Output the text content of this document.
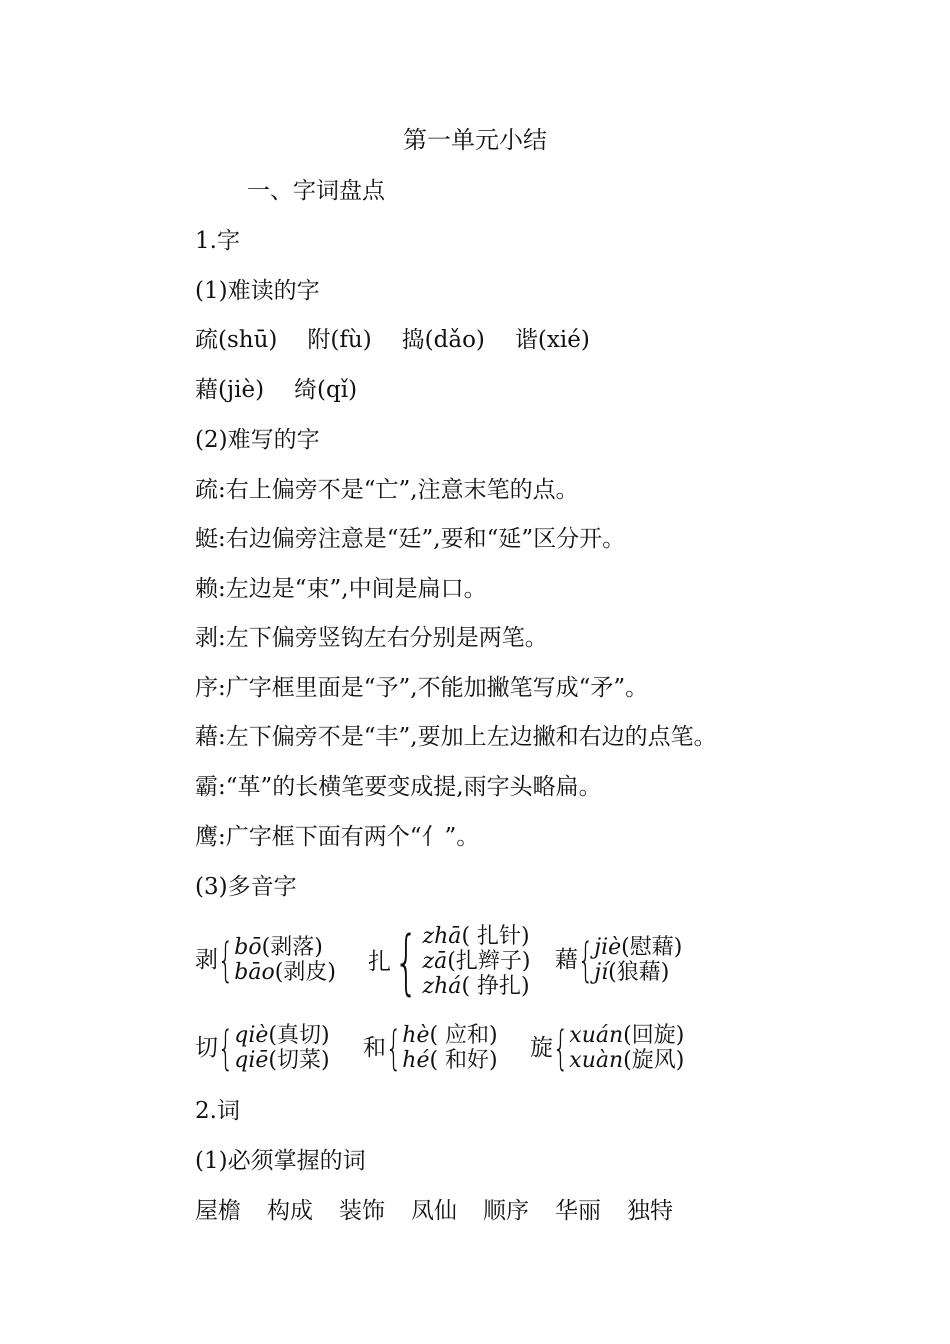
第一单元小结
一、字词盘点
1.字
(1)难读的字
疏(shū) 附(fù) 捣(dǎo) 谐(xié)
藉(jiè) 绮(qǐ)
(2)难写的字
疏:右上偏旁不是“亡”,注意末笔的点。
蜓:右边偏旁注意是“廷”,要和“延”区分开。
赖:左边是“束”,中间是扁口。
剥:左下偏旁竖钩左右分别是两笔。
序:广字框里面是“予”,不能加撇笔写成“矛”。
藉:左下偏旁不是“丰”,要加上左边撇和右边的点笔。
霸:“革”的长横笔要变成提,雨字头略扁。
鹰:广字框下面有两个“亻”。
(3)多音字
剥 { bō(剥落)
bāo(剥皮) 扎 { zhā( 扎针)
zā(扎辫子)
zhá( 挣扎)
藉 { jiè(慰藉)
jí(狼藉)
切 { qiè(真切)
qiē(切菜) 和 { hè( 应和)
hé( 和好) 旋 { xuán(回旋)
xuàn(旋风)
2.词
(1)必须掌握的词
屋檐 构成 装饰 凤仙 顺序 华丽 独特
